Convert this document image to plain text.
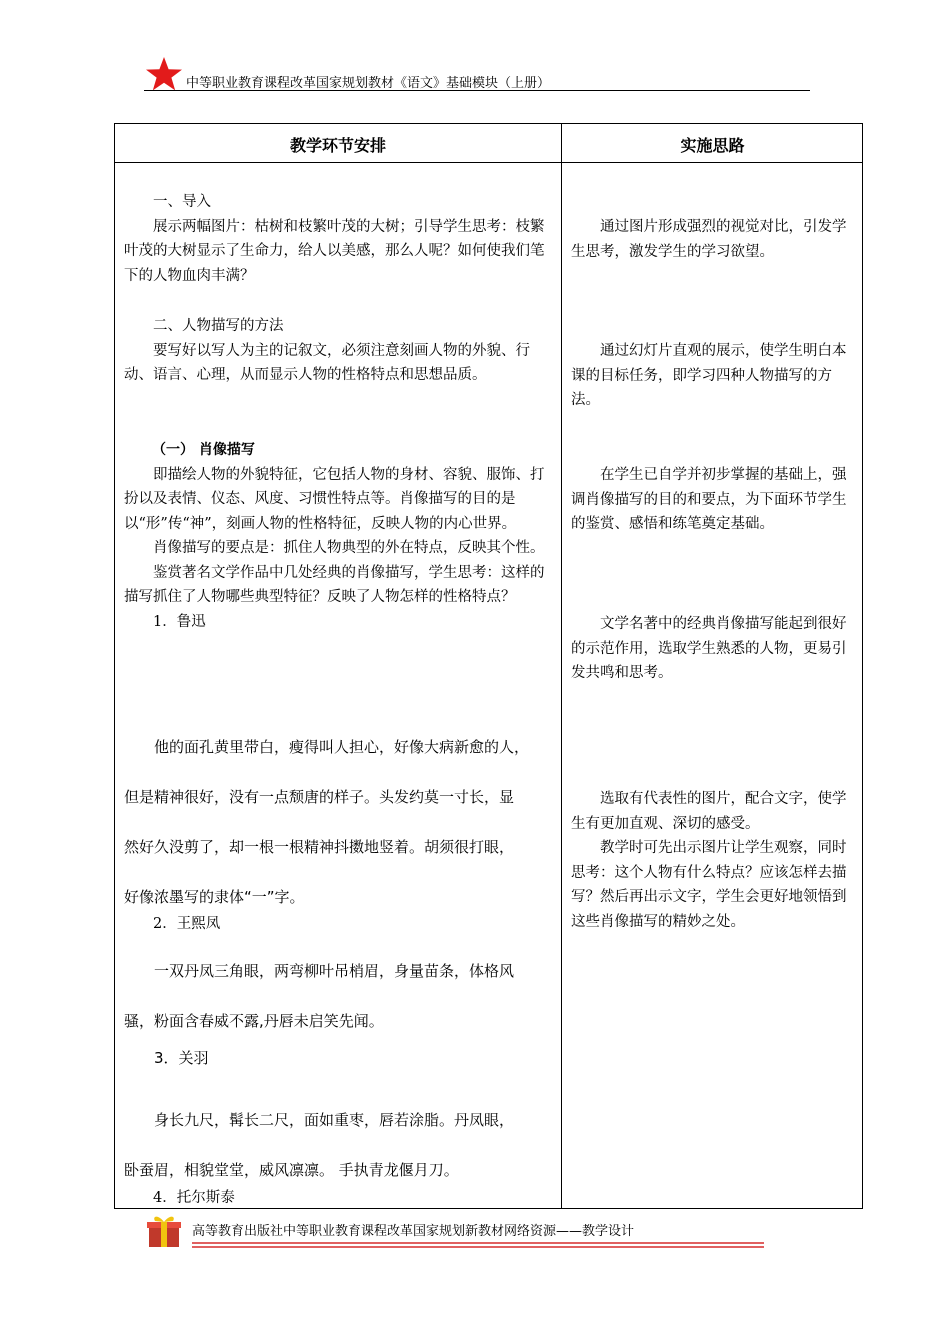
中等职业教育课程改革国家规划教材《语文》基础模块（上册）
教学环节安排	实施思路

一、导入

展示两幅图片：枯树和枝繁叶茂的大树；引导学生思考：枝繁叶茂的大树显示了生命力，给人以美感，那么人呢？如何使我们笔下的人物血肉丰满？

二、人物描写的方法

要写好以写人为主的记叙文，必须注意刻画人物的外貌、行动、语言、心理，从而显示人物的性格特点和思想品质。

（一） 肖像描写

即描绘人物的外貌特征，它包括人物的身材、容貌、服饰、打扮以及表情、仪态、风度、习惯性特点等。肖像描写的目的是以“形”传“神”，刻画人物的性格特征，反映人物的内心世界。

肖像描写的要点是：抓住人物典型的外在特点，反映其个性。

鉴赏著名文学作品中几处经典的肖像描写，学生思考：这样的描写抓住了人物哪些典型特征？反映了人物怎样的性格特点？

1．鲁迅

他的面孔黄里带白，瘦得叫人担心，好像大病新愈的人，

但是精神很好，没有一点颓唐的样子。头发约莫一寸长，显

然好久没剪了，却一根一根精神抖擞地竖着。胡须很打眼，

好像浓墨写的隶体“一”字。

2．王熙凤

一双丹凤三角眼，两弯柳叶吊梢眉，身量苗条，体格风

骚，粉面含春威不露,丹唇未启笑先闻。

3．关羽

身长九尺，髯长二尺，面如重枣，唇若涂脂。丹凤眼，

卧蚕眉，相貌堂堂，威风凛凛。 手执青龙偃月刀。

4．托尔斯泰

通过图片形成强烈的视觉对比，引发学生思考，激发学生的学习欲望。

通过幻灯片直观的展示，使学生明白本课的目标任务，即学习四种人物描写的方法。

在学生已自学并初步掌握的基础上，强调肖像描写的目的和要点，为下面环节学生的鉴赏、感悟和练笔奠定基础。

文学名著中的经典肖像描写能起到很好的示范作用，选取学生熟悉的人物，更易引发共鸣和思考。

选取有代表性的图片，配合文字，使学生有更加直观、深切的感受。

教学时可先出示图片让学生观察，同时思考：这个人物有什么特点？应该怎样去描写？然后再出示文字，学生会更好地领悟到这些肖像描写的精妙之处。

高等教育出版社中等职业教育课程改革国家规划新教材网络资源——教学设计
